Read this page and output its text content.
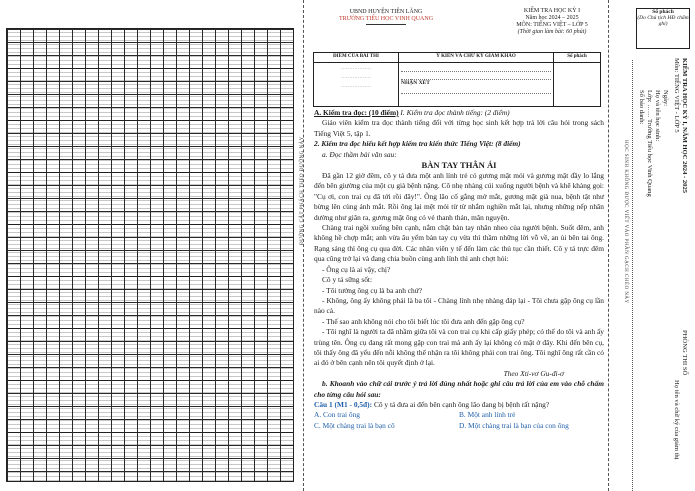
UBND HUYỆN TIÊN LÃNG
TRƯỜNG TIỂU HỌC VINH QUANG
KIỂM TRA HỌC KỲ I
Năm học 2024 – 2025
MÔN: TIẾNG VIỆT – LỚP 5
(Thời gian làm bài: 60 phút)
Số phách
(Do Chủ tịch HĐ chấm ghi)
ĐIỂM CỦA BÀI THI	Ý KIẾN VÀ CHỮ KÝ GIÁM KHẢO	Số phách

………………
………………
………………	NHẬN XÉT	

A. Kiểm tra đọc: (10 điểm) I. Kiểm tra đọc thành tiếng: (2 điểm)

Giáo viên kiểm tra đọc thành tiếng đối với từng học sinh kết hợp trả lời câu hỏi trong sách Tiếng Việt 5, tập 1.

2. Kiểm tra đọc hiểu kết hợp kiểm tra kiến thức Tiếng Việt: (8 điểm)

a. Đọc thầm bài văn sau:

BÀN TAY THÂN ÁI

Đã gần 12 giờ đêm, cô y tá đưa một anh lính trẻ có gương mặt mỏi và gương mặt đầy lo lắng đến bên giường của một cụ già bệnh nặng. Cô nhẹ nhàng cúi xuống người bệnh và khẽ khàng gọi: "Cụ ơi, con trai cụ đã tới rồi đây!". Ông lão cố gắng mở mắt, gương mặt già nua, bệnh tật như bừng lên cùng ánh mắt. Rồi ông lại mệt mỏi từ từ nhắm nghiền mắt lại, nhưng những nếp nhăn dường như giãn ra, gương mặt ông có vẻ thanh thản, mãn nguyện.

Chàng trai ngồi xuống bên cạnh, nắm chặt bàn tay nhăn nheo của người bệnh. Suốt đêm, anh không hề chợp mắt; anh vừa âu yếm bàn tay cụ vừa thì thầm những lời vỗ về, an ủi bên tai ông. Rạng sáng thì ông cụ qua đời. Các nhân viên y tế đến làm các thủ tục cần thiết. Cô y tá trực đêm qua cũng trở lại và đang chia buồn cùng anh lính thì anh chợt hỏi:

- Ông cụ là ai vậy, chị?

Cô y tá sững sốt:

- Tôi tưởng ông cụ là ba anh chứ?

- Không, ông ấy không phải là ba tôi - Chàng lính nhẹ nhàng đáp lại - Tôi chưa gặp ông cụ lần nào cả.

- Thế sao anh không nói cho tôi biết lúc tôi đưa anh đến gặp ông cụ?

- Tôi nghĩ là người ta đã nhầm giữa tôi và con trai cụ khi cấp giấy phép; có thể do tôi và anh ấy trùng tên. Ông cụ đang rất mong gặp con trai mà anh ấy lại không có mặt ở đây. Khi đến bên cụ, tôi thấy ông đã yếu đến nỗi không thể nhận ra tôi không phải con trai ông. Tôi nghĩ ông rất cần có ai đó ở bên cạnh nên tôi quyết định ở lại.

Theo Xti-vơ Gu-đi-ơ

b. Khoanh vào chữ cái trước ý trả lời đúng nhất hoặc ghi câu trả lời của em vào chỗ chấm cho từng câu hỏi sau:

Câu 1 (M1 - 0,5đ): Cô y tá đưa ai đến bên cạnh ông lão đang bị bệnh rất nặng?

A. Con trai ông	B. Một anh lính trẻ
C. Một chàng trai là bạn cô	D. Một chàng trai là bạn của con ông
ĐƯỜNG CẮT PHÁCH THEO ĐƯỜNG NÀY	HỌC SINH KHÔNG ĐƯỢC VIẾT VÀO PHẦN GẠCH CHÉO NÀY
KIỂM TRA HỌC KỲ I, NĂM HỌC 2024 - 2025
Môn: TIẾNG VIỆT - LỚP 5
PHÒNG THI SỐ
Họ tên và chữ ký của giám thị
Ngày:
Họ và tên học sinh:
Lớp: …… Trường Tiểu học Vinh Quang
Số báo danh:
